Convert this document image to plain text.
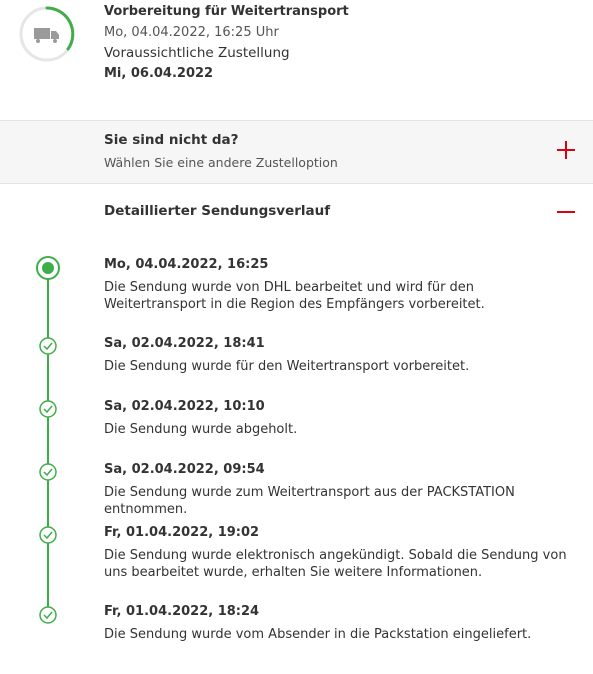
Vorbereitung für Weitertransport
Mo, 04.04.2022, 16:25 Uhr
Voraussichtliche Zustellung
Mi, 06.04.2022
Sie sind nicht da?
Wählen Sie eine andere Zustelloption
Detaillierter Sendungsverlauf
Mo, 04.04.2022, 16:25
Die Sendung wurde von DHL bearbeitet und wird für den Weitertransport in die Region des Empfängers vorbereitet.
Sa, 02.04.2022, 18:41
Die Sendung wurde für den Weitertransport vorbereitet.
Sa, 02.04.2022, 10:10
Die Sendung wurde abgeholt.
Sa, 02.04.2022, 09:54
Die Sendung wurde zum Weitertransport aus der PACKSTATION entnommen.
Fr, 01.04.2022, 19:02
Die Sendung wurde elektronisch angekündigt. Sobald die Sendung von uns bearbeitet wurde, erhalten Sie weitere Informationen.
Fr, 01.04.2022, 18:24
Die Sendung wurde vom Absender in die Packstation eingeliefert.
